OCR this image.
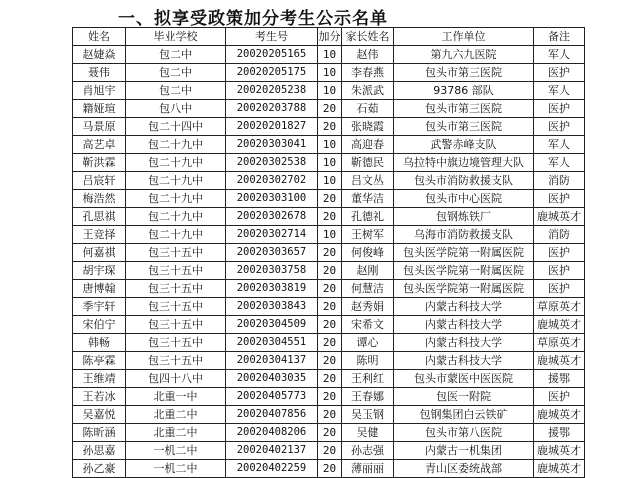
一、拟享受政策加分考生公示名单
姓名	毕业学校	考生号	加分	家长姓名	工作单位	备注
赵婕焱	包二中	20020205165	10	赵伟	第九六九医院	军人
聂伟	包二中	20020205175	10	李春燕	包头市第三医院	医护
肖旭宇	包二中	20020205238	10	朱派武	93786 部队	军人
籍娅瑄	包八中	20020203788	20	石茹	包头市第三医院	医护
马景原	包二十四中	20020201827	20	张晓霞	包头市第三医院	医护
高艺卓	包二十九中	20020303041	10	高迎春	武警赤峰支队	军人
靳洪霖	包二十九中	20020302538	10	靳德民	乌拉特中旗边境管理大队	军人
吕宸轩	包二十九中	20020302702	10	吕文丛	包头市消防救援支队	消防
梅浩然	包二十九中	20020303100	20	董华洁	包头市中心医院	医护
孔思祺	包二十九中	20020302678	20	孔德礼	包钢炼铁厂	鹿城英才
王竞择	包二十九中	20020302714	10	王树军	乌海市消防救援支队	消防
何嘉祺	包三十五中	20020303657	20	何俊峰	包头医学院第一附属医院	医护
胡宇琛	包三十五中	20020303758	20	赵刚	包头医学院第一附属医院	医护
唐博翰	包三十五中	20020303819	20	何慧洁	包头医学院第一附属医院	医护
季宇轩	包三十五中	20020303843	20	赵秀娟	内蒙古科技大学	草原英才
宋伯宁	包三十五中	20020304509	20	宋希文	内蒙古科技大学	鹿城英才
韩畅	包三十五中	20020304551	20	谭心	内蒙古科技大学	草原英才
陈亭霖	包三十五中	20020304137	20	陈明	内蒙古科技大学	鹿城英才
王维靖	包四十八中	20020403035	20	王利红	包头市蒙医中医医院	援鄂
王若冰	北重一中	20020405773	20	王春娜	包医一附院	医护
吴嘉悦	北重二中	20020407856	20	吴玉钢	包钢集团白云铁矿	鹿城英才
陈昕涵	北重二中	20020408206	20	吴健	包头市第八医院	援鄂
孙思嘉	一机二中	20020402137	20	孙志强	内蒙古一机集团	鹿城英才
孙乙豪	一机二中	20020402259	20	薄丽丽	青山区委统战部	鹿城英才
